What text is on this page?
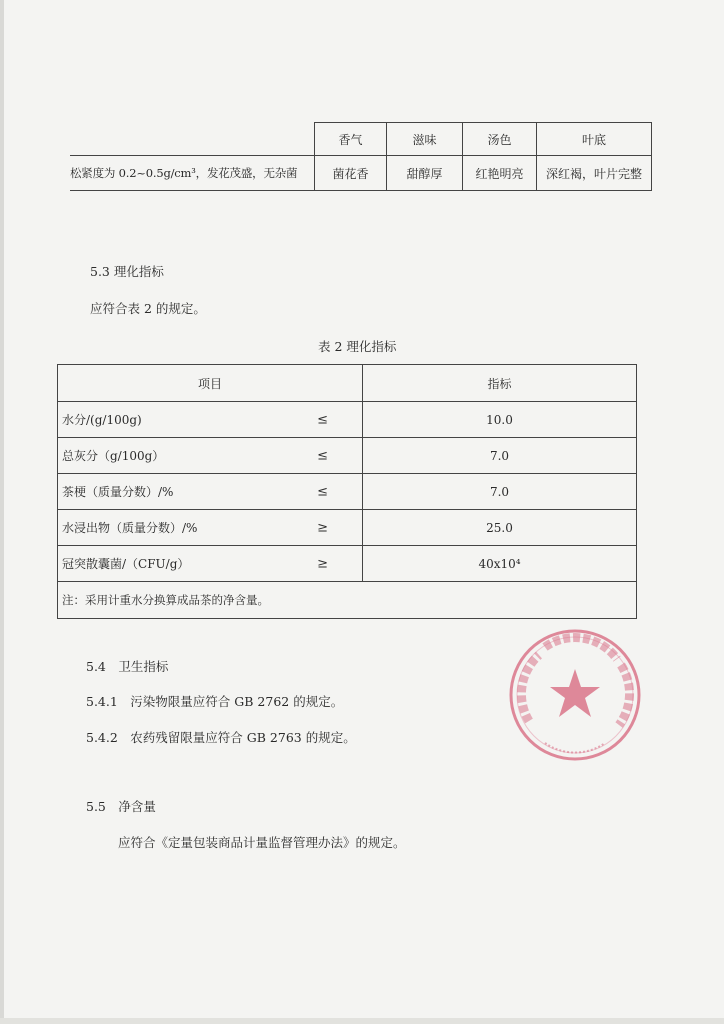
	香气	滋味	汤色	叶底
松紧度为 0.2~0.5g/cm³，发花茂盛，无杂菌	菌花香	甜醇厚	红艳明亮	深红褐，叶片完整
5.3 理化指标
应符合表 2 的规定。
表 2 理化指标
项目	指标
水分/(g/100g) ≤	10.0
总灰分（g/100g） ≤	7.0
茶梗（质量分数）/% ≤	7.0
水浸出物（质量分数）/% ≥	25.0
冠突散囊菌/（CFU/g） ≥	40x10⁴
注：采用计重水分换算成品茶的净含量。	
5.4　卫生指标
5.4.1　污染物限量应符合 GB 2762 的规定。
5.4.2　农药残留限量应符合 GB 2763 的规定。
5.5　净含量
应符合《定量包装商品计量监督管理办法》的规定。
